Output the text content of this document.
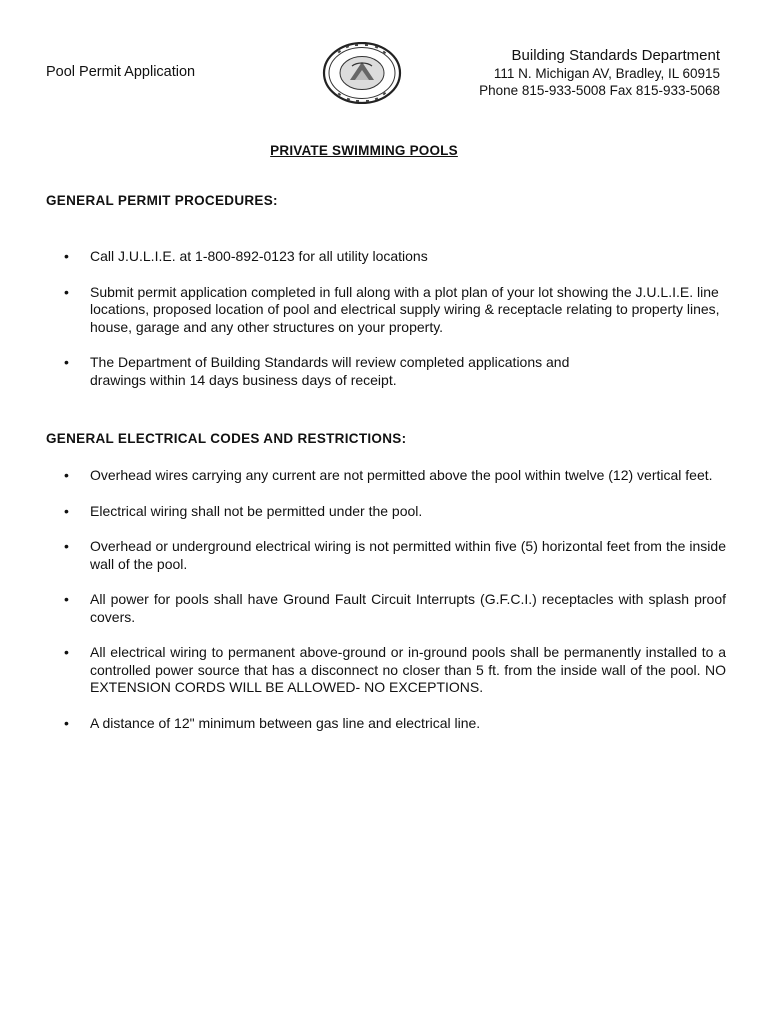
Pool Permit Application
Building Standards Department
111 N. Michigan AV, Bradley, IL 60915
Phone 815-933-5008 Fax 815-933-5068
PRIVATE SWIMMING POOLS
GENERAL PERMIT PROCEDURES:
• Call J.U.L.I.E. at 1-800-892-0123 for all utility locations
• Submit permit application completed in full along with a plot plan of your lot showing the J.U.L.I.E. line locations, proposed location of pool and electrical supply wiring & receptacle relating to property lines, house, garage and any other structures on your property.
• The Department of Building Standards will review completed applications and drawings within 14 days business days of receipt.
GENERAL ELECTRICAL CODES AND RESTRICTIONS:
• Overhead wires carrying any current are not permitted above the pool within twelve (12) vertical feet.
• Electrical wiring shall not be permitted under the pool.
• Overhead or underground electrical wiring is not permitted within five (5) horizontal feet from the inside wall of the pool.
• All power for pools shall have Ground Fault Circuit Interrupts (G.F.C.I.) receptacles with splash proof covers.
• All electrical wiring to permanent above-ground or in-ground pools shall be permanently installed to a controlled power source that has a disconnect no closer than 5 ft. from the inside wall of the pool. NO EXTENSION CORDS WILL BE ALLOWED- NO EXCEPTIONS.
• A distance of 12" minimum between gas line and electrical line.
